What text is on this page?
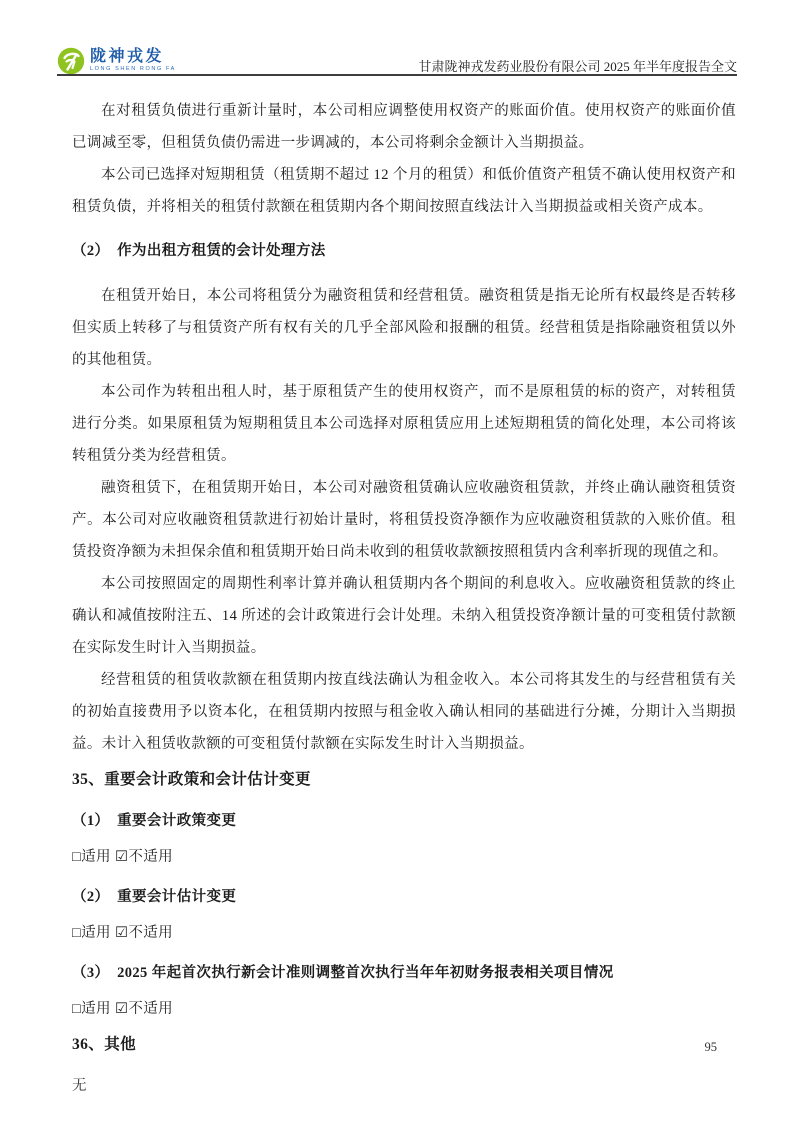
陇神戎发
LONG SHEN RONG FA	甘肃陇神戎发药业股份有限公司 2025 年半年度报告全文

在对租赁负债进行重新计量时，本公司相应调整使用权资产的账面价值。使用权资产的账面价值已调减至零，但租赁负债仍需进一步调减的，本公司将剩余金额计入当期损益。

本公司已选择对短期租赁（租赁期不超过 12 个月的租赁）和低价值资产租赁不确认使用权资产和租赁负债，并将相关的租赁付款额在租赁期内各个期间按照直线法计入当期损益或相关资产成本。

（2）　作为出租方租赁的会计处理方法

在租赁开始日，本公司将租赁分为融资租赁和经营租赁。融资租赁是指无论所有权最终是否转移但实质上转移了与租赁资产所有权有关的几乎全部风险和报酬的租赁。经营租赁是指除融资租赁以外的其他租赁。

本公司作为转租出租人时，基于原租赁产生的使用权资产，而不是原租赁的标的资产，对转租赁进行分类。如果原租赁为短期租赁且本公司选择对原租赁应用上述短期租赁的简化处理，本公司将该转租赁分类为经营租赁。

融资租赁下，在租赁期开始日，本公司对融资租赁确认应收融资租赁款，并终止确认融资租赁资产。本公司对应收融资租赁款进行初始计量时，将租赁投资净额作为应收融资租赁款的入账价值。租赁投资净额为未担保余值和租赁期开始日尚未收到的租赁收款额按照租赁内含利率折现的现值之和。

本公司按照固定的周期性利率计算并确认租赁期内各个期间的利息收入。应收融资租赁款的终止确认和减值按附注五、14 所述的会计政策进行会计处理。未纳入租赁投资净额计量的可变租赁付款额在实际发生时计入当期损益。

经营租赁的租赁收款额在租赁期内按直线法确认为租金收入。本公司将其发生的与经营租赁有关的初始直接费用予以资本化，在租赁期内按照与租金收入确认相同的基础进行分摊，分期计入当期损益。未计入租赁收款额的可变租赁付款额在实际发生时计入当期损益。

35、重要会计政策和会计估计变更
（1）　重要会计政策变更
□适用 ☑不适用
（2）　重要会计估计变更
□适用 ☑不适用
（3）　2025 年起首次执行新会计准则调整首次执行当年年初财务报表相关项目情况
□适用 ☑不适用
36、其他

无

95
